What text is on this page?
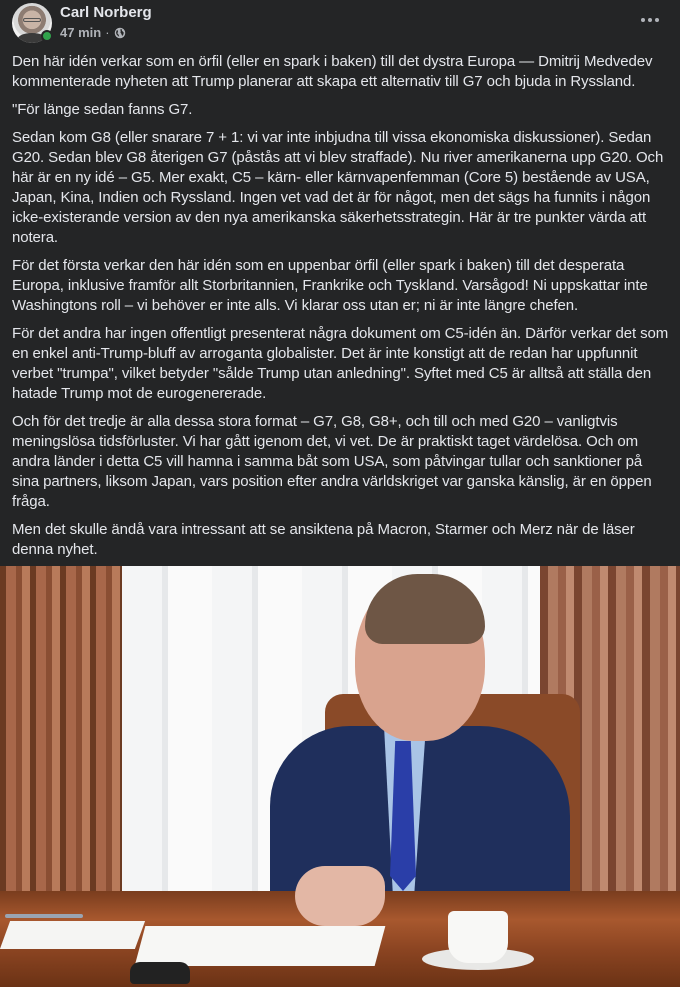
Carl Norberg
47 min ·

Den här idén verkar som en örfil (eller en spark i baken) till det dystra Europa — Dmitrij Medvedev kommenterade nyheten att Trump planerar att skapa ett alternativ till G7 och bjuda in Ryssland.

"För länge sedan fanns G7.

Sedan kom G8 (eller snarare 7 + 1: vi var inte inbjudna till vissa ekonomiska diskussioner). Sedan G20. Sedan blev G8 återigen G7 (påstås att vi blev straffade). Nu river amerikanerna upp G20. Och här är en ny idé – G5. Mer exakt, C5 – kärn- eller kärnvapenfemman (Core 5) bestående av USA, Japan, Kina, Indien och Ryssland. Ingen vet vad det är för något, men det sägs ha funnits i någon icke-existerande version av den nya amerikanska säkerhetsstrategin. Här är tre punkter värda att notera.

För det första verkar den här idén som en uppenbar örfil (eller spark i baken) till det desperata Europa, inklusive framför allt Storbritannien, Frankrike och Tyskland. Varsågod! Ni uppskattar inte Washingtons roll – vi behöver er inte alls. Vi klarar oss utan er; ni är inte längre chefen.

För det andra har ingen offentligt presenterat några dokument om C5-idén än. Därför verkar det som en enkel anti-Trump-bluff av arroganta globalister. Det är inte konstigt att de redan har uppfunnit verbet "trumpa", vilket betyder "sålde Trump utan anledning". Syftet med C5 är alltså att ställa den hatade Trump mot de eurogenererade.

Och för det tredje är alla dessa stora format – G7, G8, G8+, och till och med G20 – vanligtvis meningslösa tidsförluster. Vi har gått igenom det, vi vet. De är praktiskt taget värdelösa. Och om andra länder i detta C5 vill hamna i samma båt som USA, som påtvingar tullar och sanktioner på sina partners, liksom Japan, vars position efter andra världskriget var ganska känslig, är en öppen fråga.

Men det skulle ändå vara intressant att se ansiktena på Macron, Starmer och Merz när de läser denna nyhet.
